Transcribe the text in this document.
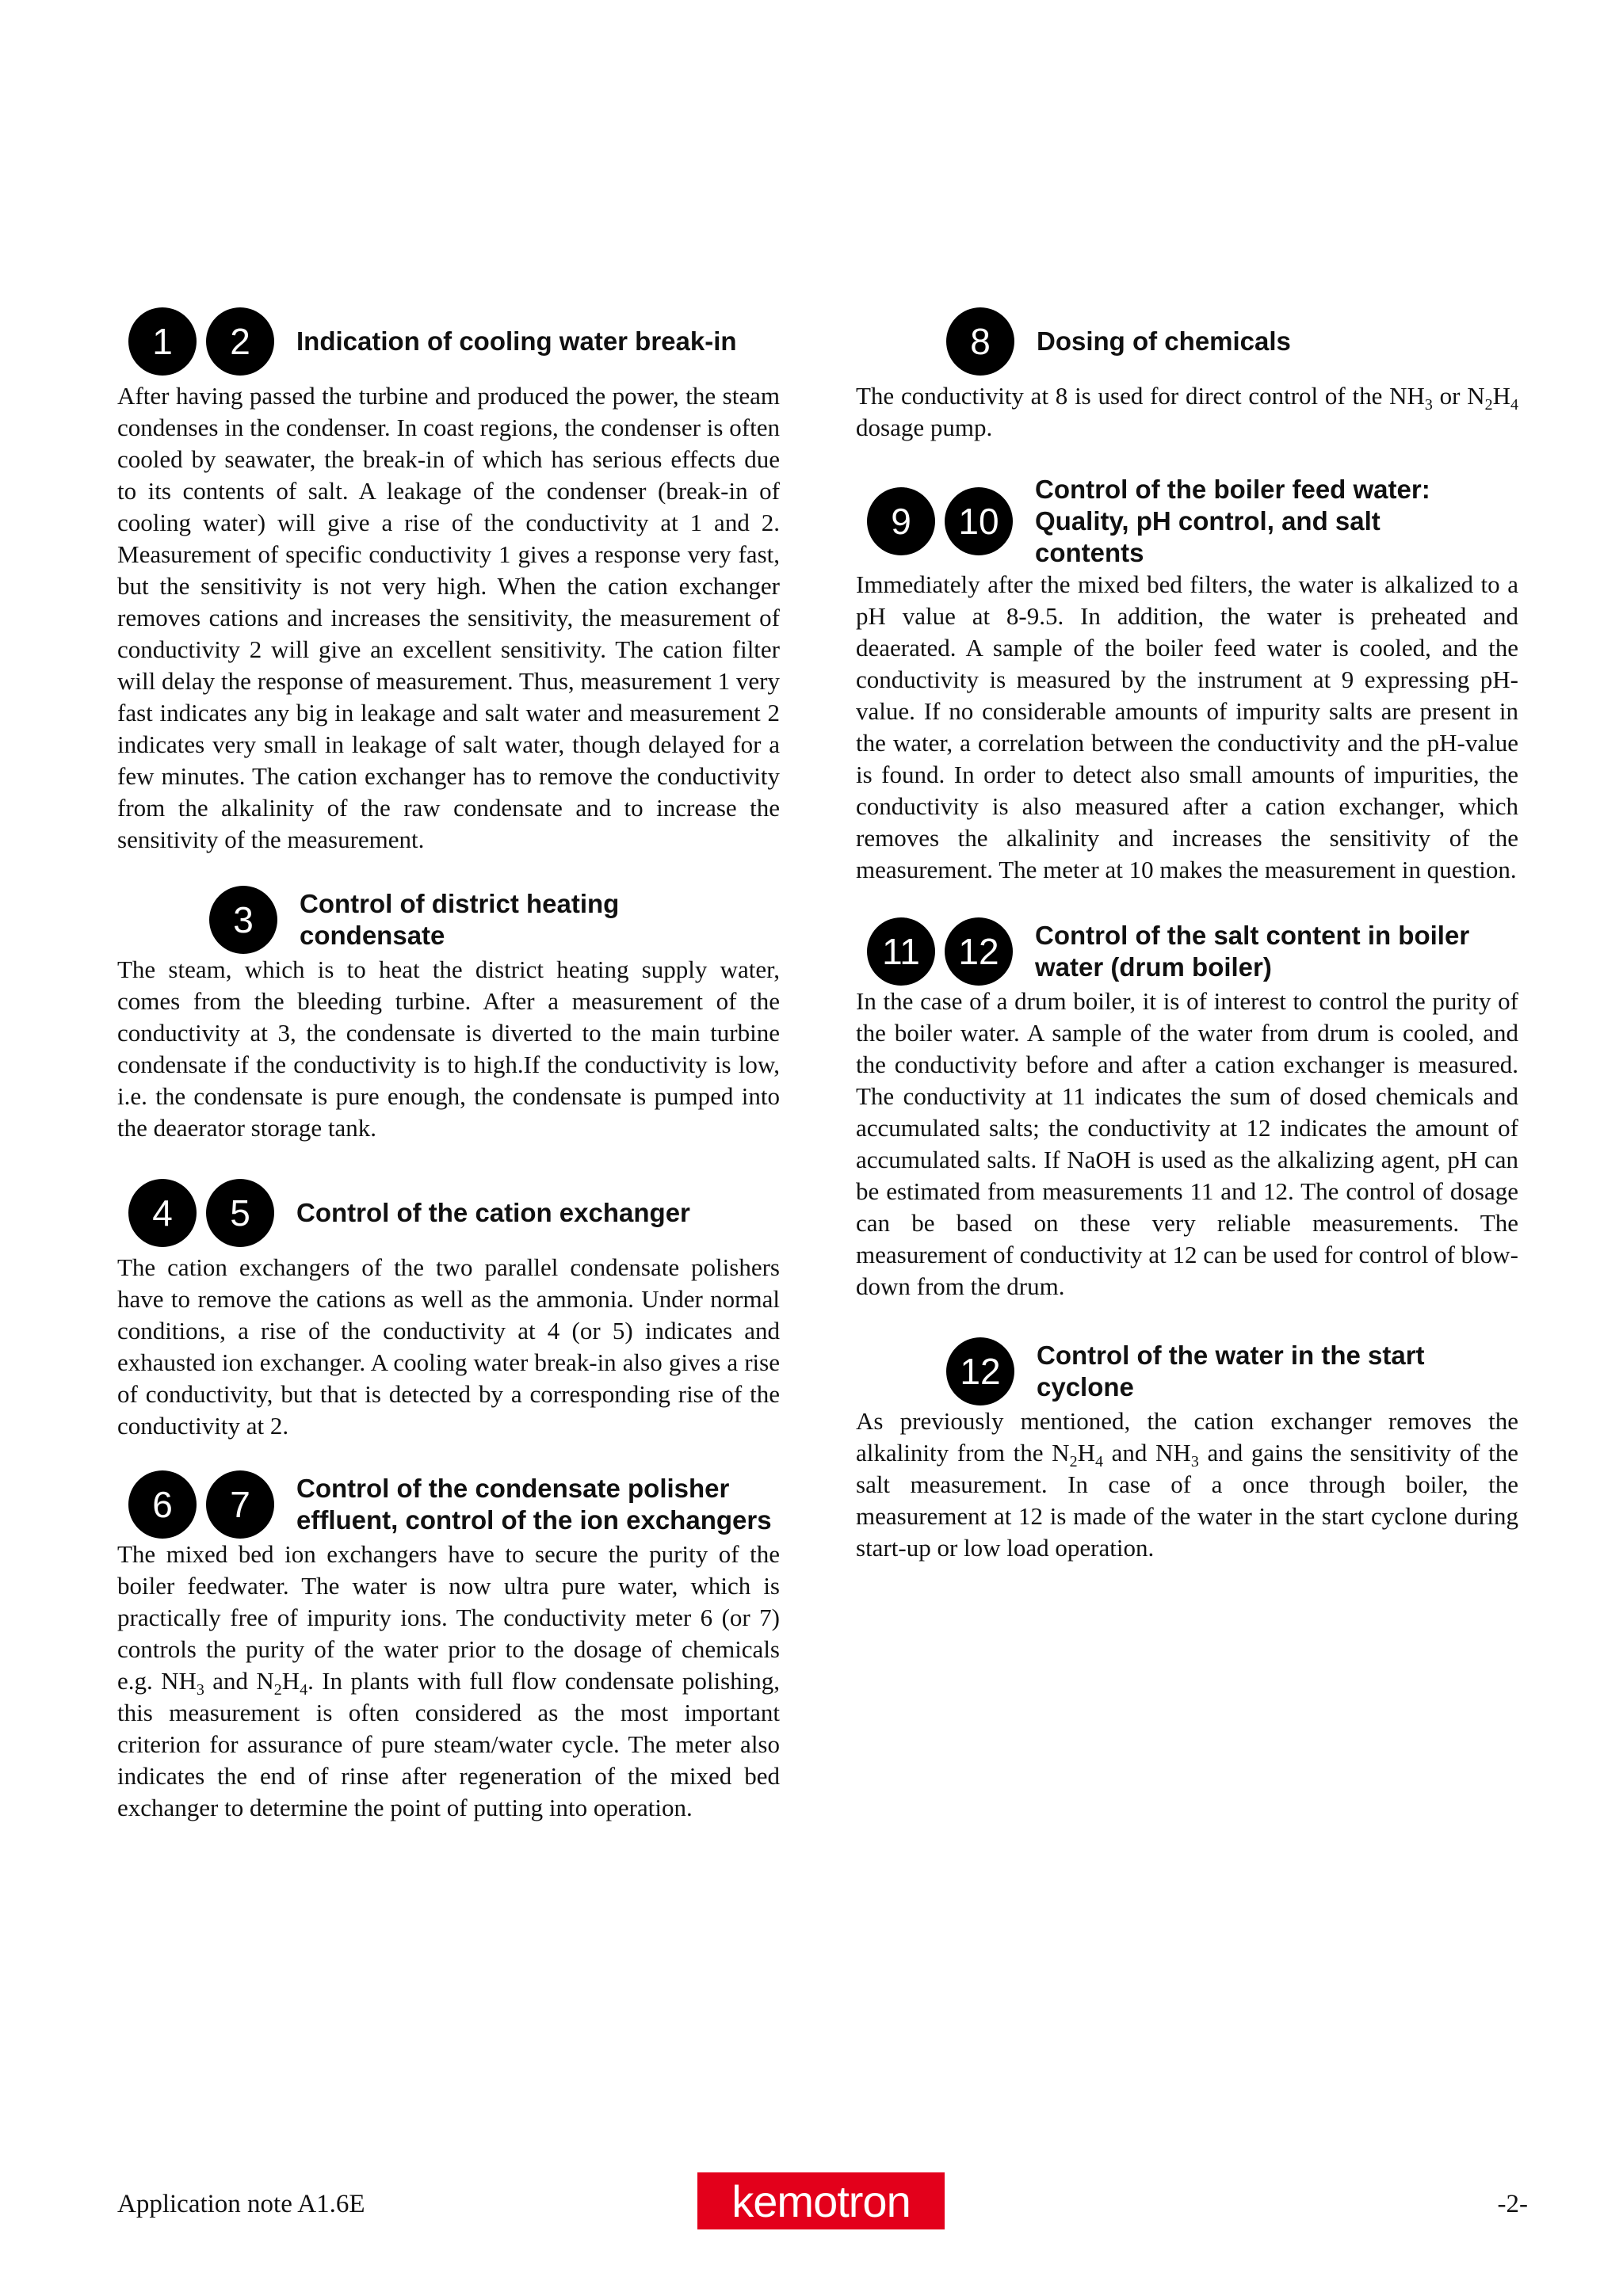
1	2	Indication of cooling water break-in

After having passed the turbine and produced the power, the steam condenses in the condenser. In coast regions, the condenser is often cooled by seawater, the break-in of which has serious effects due to its contents of salt. A leakage of the condenser (break-in of cooling water) will give a rise of the conductivity at 1 and 2. Measurement of specific conductivity 1 gives a response very fast, but the sensitivity is not very high. When the cation exchanger removes cations and increases the sensitivity, the measurement of conductivity 2 will give an excellent sensitivity. The cation filter will delay the response of measurement. Thus, measurement 1 very fast indicates any big in leakage and salt water and measurement 2 indicates very small in leakage of salt water, though delayed for a few minutes. The cation exchanger has to remove the conductivity from the alkalinity of the raw condensate and to increase the sensitivity of the measurement.

3	Control of district heating condensate

The steam, which is to heat the district heating supply water, comes from the bleeding turbine. After a measurement of the conductivity at 3, the condensate is diverted to the main turbine condensate if the conductivity is to high.If the conductivity is low, i.e. the condensate is pure enough, the condensate is pumped into the deaerator storage tank.

4	5	Control of the cation exchanger

The cation exchangers of the two parallel condensate polishers have to remove the cations as well as the ammonia. Under normal conditions, a rise of the conductivity at 4 (or 5) indicates and exhausted ion exchanger. A cooling water break-in also gives a rise of conductivity, but that is detected by a corresponding rise of the conductivity at 2.

6	7	Control of the condensate polisher effluent, control of the ion exchangers

The mixed bed ion exchangers have to secure the purity of the boiler feedwater. The water is now ultra pure water, which is practically free of impurity ions. The conductivity meter 6 (or 7) controls the purity of the water prior to the dosage of chemicals e.g. $NH_3$ and $N_2H_4$. In plants with full flow condensate polishing, this measurement is often considered as the most important criterion for assurance of pure steam/water cycle. The meter also indicates the end of rinse after regeneration of the mixed bed exchanger to determine the point of putting into operation.

8	Dosing of chemicals

The conductivity at 8 is used for direct control of the $NH_3$ or $N_2H_4$ dosage pump.

9	10
Control of the boiler feed water: Quality, pH control, and salt contents

Immediately after the mixed bed filters, the water is alkalized to a pH value at 8-9.5. In addition, the water is preheated and deaerated. A sample of the boiler feed water is cooled, and the conductivity is measured by the instrument at 9 expressing pH-value. If no considerable amounts of impurity salts are present in the water, a correlation between the conductivity and the pH-value is found. In order to detect also small amounts of impurities, the conductivity is also measured after a cation exchanger, which removes the alkalinity and increases the sensitivity of the measurement. The meter at 10 makes the measurement in question.

11	12	Control of the salt content in boiler water (drum boiler)

In the case of a drum boiler, it is of interest to control the purity of the boiler water. A sample of the water from drum is cooled, and the conductivity before and after a cation exchanger is measured. The conductivity at 11 indicates the sum of dosed chemicals and accumulated salts; the conductivity at 12 indicates the amount of accumulated salts. If NaOH is used as the alkalizing agent, pH can be estimated from measurements 11 and 12. The control of dosage can be based on these very reliable measurements. The measurement of conductivity at 12 can be used for control of blow-down from the drum.

12	Control of the water in the start cyclone

As previously mentioned, the cation exchanger removes the alkalinity from the $N_2H_4$ and $NH_3$ and gains the sensitivity of the salt measurement. In case of a once through boiler, the measurement at 12 is made of the water in the start cyclone during start-up or low load operation.

Application note A1.6E	kemotron	-2-
